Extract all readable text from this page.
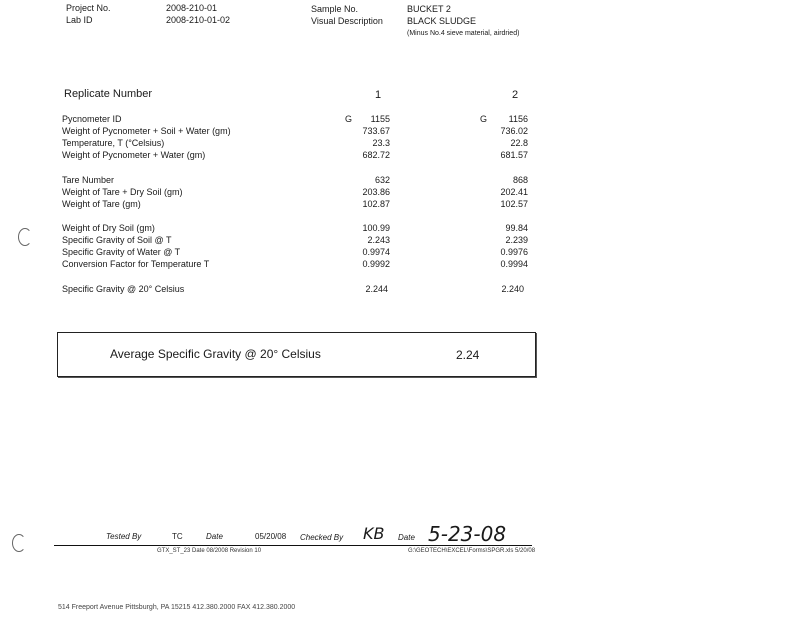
Project No.	2008-210-01
Lab ID	2008-210-01-02
Sample No.	BUCKET 2
Visual Description	BLACK SLUDGE
(Minus No.4 sieve material, airdried)
Replicate Number	1	2
Pycnometer ID	G	1155	G	1156
Weight of Pycnometer + Soil + Water (gm)	733.67	736.02
Temperature, T (°Celsius)	23.3	22.8
Weight of Pycnometer + Water (gm)	682.72	681.57
Tare Number	632	868
Weight of Tare + Dry Soil (gm)	203.86	202.41
Weight of Tare (gm)	102.87	102.57
Weight of Dry Soil (gm)	100.99	99.84
Specific Gravity of Soil @ T	2.243	2.239
Specific Gravity of Water @ T	0.9974	0.9976
Conversion Factor for Temperature T	0.9992	0.9994
Specific Gravity @ 20° Celsius	2.244	2.240
Average Specific Gravity @ 20° Celsius	2.24
Tested By	TC	Date	05/20/08 Checked By KB Date 5-23-08
GTX_ST_23 Date 08/2008 Revision 10	G:\GEOTECH\EXCEL\Forms\SPGR.xls 5/20/08
514 Freeport Avenue Pittsburgh, PA 15215 412.380.2000 FAX 412.380.2000
